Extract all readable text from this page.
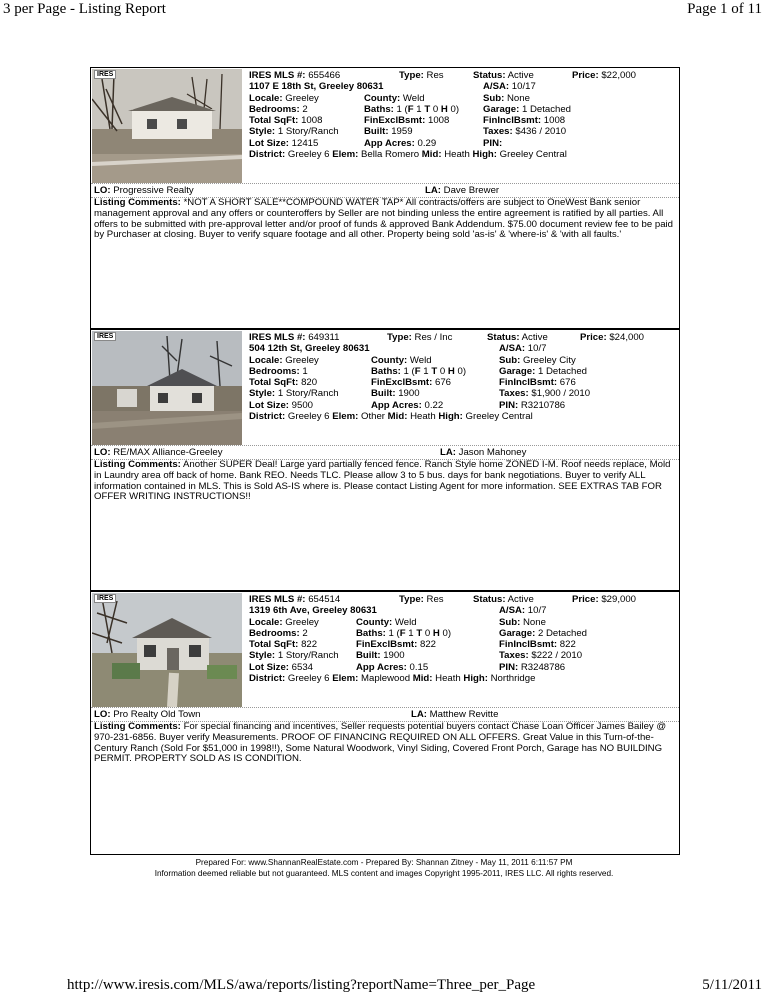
3 per Page - Listing Report	Page 1 of 11
IRES	IRES MLS #: 655466	Type: Res	Status: Active	Price: $22,000
1107 E 18th St, Greeley 80631	A/SA: 10/17
Locale: Greeley	County: Weld	Sub: None
Bedrooms: 2	Baths: 1 (F 1 T 0 H 0) Garage: 1 Detached
Total SqFt: 1008	FinExclBsmt: 1008	FinInclBsmt: 1008
Style: 1 Story/Ranch	Built: 1959	Taxes: $436 / 2010
Lot Size: 12415	App Acres: 0.29	PIN:
District: Greeley 6 Elem: Bella Romero Mid: Heath High: Greeley Central
LO: Progressive Realty	LA: Dave Brewer
Listing Comments: *NOT A SHORT SALE**COMPOUND WATER TAP* All contracts/offers are subject to OneWest Bank senior management approval and any offers or counteroffers by Seller are not binding unless the entire agreement is ratified by all parties. All offers to be submitted with pre-approval letter and/or proof of funds & approved Bank Addendum. $75.00 document review fee to be paid by Purchaser at closing. Buyer to verify square footage and all other. Property being sold 'as-is' & 'where-is' & 'with all faults.'
IRES	IRES MLS #: 649311	Type: Res / Inc	Status: Active	Price: $24,000
504 12th St, Greeley 80631	A/SA: 10/7
Locale: Greeley	County: Weld	Sub: Greeley City
Bedrooms: 1	Baths: 1 (F 1 T 0 H 0)	Garage: 1 Detached
Total SqFt: 820	FinExclBsmt: 676	FinInclBsmt: 676
Style: 1 Story/Ranch	Built: 1900	Taxes: $1,900 / 2010
Lot Size: 9500	App Acres: 0.22	PIN: R3210786
District: Greeley 6 Elem: Other Mid: Heath High: Greeley Central
LO: RE/MAX Alliance-Greeley	LA: Jason Mahoney
Listing Comments: Another SUPER Deal! Large yard partially fenced fence. Ranch Style home ZONED I-M. Roof needs replace, Mold in Laundry area off back of home. Bank REO. Needs TLC. Please allow 3 to 5 bus. days for bank negotiations. Buyer to verify ALL information contained in MLS. This is Sold AS-IS where is. Please contact Listing Agent for more information. SEE EXTRAS TAB FOR OFFER WRITING INSTRUCTIONS!!
IRES	IRES MLS #: 654514	Type: Res	Status: Active	Price: $29,000
1319 6th Ave, Greeley 80631	A/SA: 10/7
Locale: Greeley	County: Weld	Sub: None
Bedrooms: 2	Baths: 1 (F 1 T 0 H 0)	Garage: 2 Detached
Total SqFt: 822	FinExclBsmt: 822	FinInclBsmt: 822
Style: 1 Story/Ranch Built: 1900	Taxes: $222 / 2010
Lot Size: 6534	App Acres: 0.15	PIN: R3248786
District: Greeley 6 Elem: Maplewood Mid: Heath High: Northridge
LO: Pro Realty Old Town	LA: Matthew Revitte
Listing Comments: For special financing and incentives, Seller requests potential buyers contact Chase Loan Officer James Bailey @ 970-231-6856. Buyer verify Measurements. PROOF OF FINANCING REQUIRED ON ALL OFFERS. Great Value in this Turn-of-the-Century Ranch (Sold For $51,000 in 1998!!), Some Natural Woodwork, Vinyl Siding, Covered Front Porch, Garage has NO BUILDING PERMIT. PROPERTY SOLD AS IS CONDITION.
Prepared For: www.ShannanRealEstate.com - Prepared By: Shannan Zitney - May 11, 2011 6:11:57 PM
Information deemed reliable but not guaranteed. MLS content and images Copyright 1995-2011, IRES LLC. All rights reserved.
http://www.iresis.com/MLS/awa/reports/listing?reportName=Three_per_Page	5/11/2011
